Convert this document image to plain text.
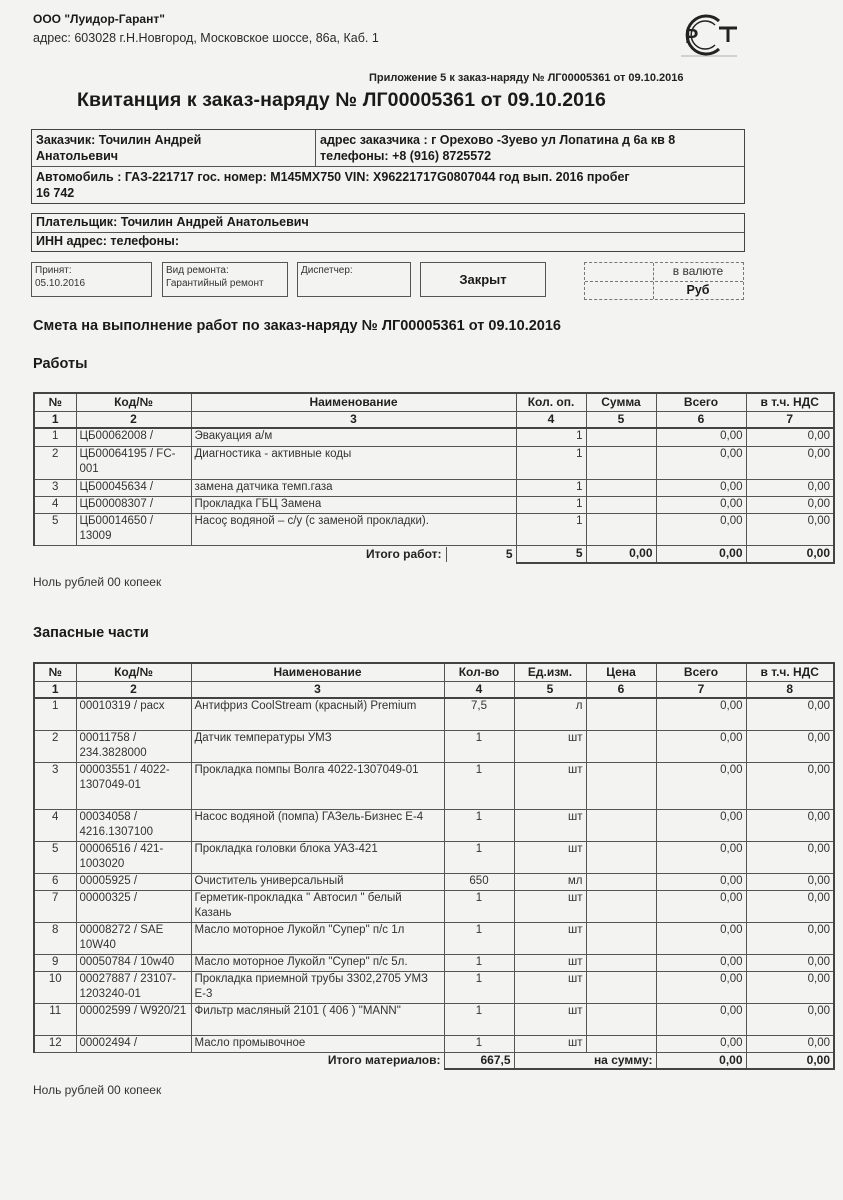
ООО "Луидор-Гарант"
адрес: 603028 г.Н.Новгород, Московское шоссе, 86а, Каб. 1	Р
Приложение 5 к заказ-наряду № ЛГ00005361 от 09.10.2016
Квитанция к заказ-наряду № ЛГ00005361 от 09.10.2016
Заказчик: Точилин Андрей
Анатольевич
адрес заказчика : г Орехово -Зуево ул Лопатина д 6а кв 8
телефоны: +8 (916) 8725572
Автомобиль : ГАЗ-221717 гос. номер: М145МХ750 VIN: X96221717G0807044 год вып. 2016 пробег
16 742
Плательщик: Точилин Андрей Анатольевич
ИНН адрес: телефоны:
Принят:
05.10.2016
Вид ремонта:
Гарантийный ремонт
Диспетчер:
Закрыт
в валюте
Руб
Смета на выполнение работ по заказ-наряду № ЛГ00005361 от 09.10.2016
Работы
№	Код/№	Наименование	Кол. оп.	Сумма	Всего	в т.ч. НДС
1	2	3	4	5	6	7
1	ЦБ00062008 /	Эвакуация а/м	1		0,00	0,00
2	ЦБ00064195 / FC-001	Диагностика - активные коды	1		0,00	0,00
3	ЦБ00045634 /	замена датчика темп.газа	1		0,00	0,00
4	ЦБ00008307 /	Прокладка ГБЦ Замена	1		0,00	0,00
5	ЦБ00014650 / 13009	Насоç водяной – с/у (с заменой прокладки).	1		0,00	0,00

		Итого работ: 5	5	0,00	0,00	0,00
Ноль рублей 00 копеек
Запасные части
№	Код/№	Наименование	Кол-во	Ед.изм.	Цена	Всего	в т.ч. НДС
1	2	3	4	5	6	7	8
1	00010319 / расх	Антифриз CoolStream (красный) Premium	7,5	л		0,00	0,00
2	00011758 / 234.3828000	Датчик температуры УМЗ	1	шт		0,00	0,00
3	00003551 / 4022-1307049-01	Прокладка помпы Волга 4022-1307049-01	1	шт		0,00	0,00
4	00034058 / 4216.1307100	Насос водяной (помпа) ГАЗель-Бизнес Е-4	1	шт		0,00	0,00
5	00006516 / 421-1003020	Прокладка головки блока УАЗ-421	1	шт		0,00	0,00
6	00005925 /	Очиститель универсальный	650	мл		0,00	0,00
7	00000325 /	Герметик-прокладка " Автосил " белый Казань	1	шт		0,00	0,00
8	00008272 / SAE 10W40	Масло моторное Лукойл "Супер" п/с 1л	1	шт		0,00	0,00
9	00050784 / 10w40	Масло моторное Лукойл "Супер" п/с 5л.	1	шт		0,00	0,00
10	00027887 / 23107-1203240-01	Прокладка приемной трубы 3302,2705 УМЗ Е-3	1	шт		0,00	0,00
11	00002599 / W920/21	Фильтр масляный 2101 ( 406 ) "MANN"	1	шт		0,00	0,00
12	00002494 /	Масло промывочное	1	шт		0,00	0,00
		Итого материалов:	667,5	на сумму:		0,00	0,00
Ноль рублей 00 копеек
